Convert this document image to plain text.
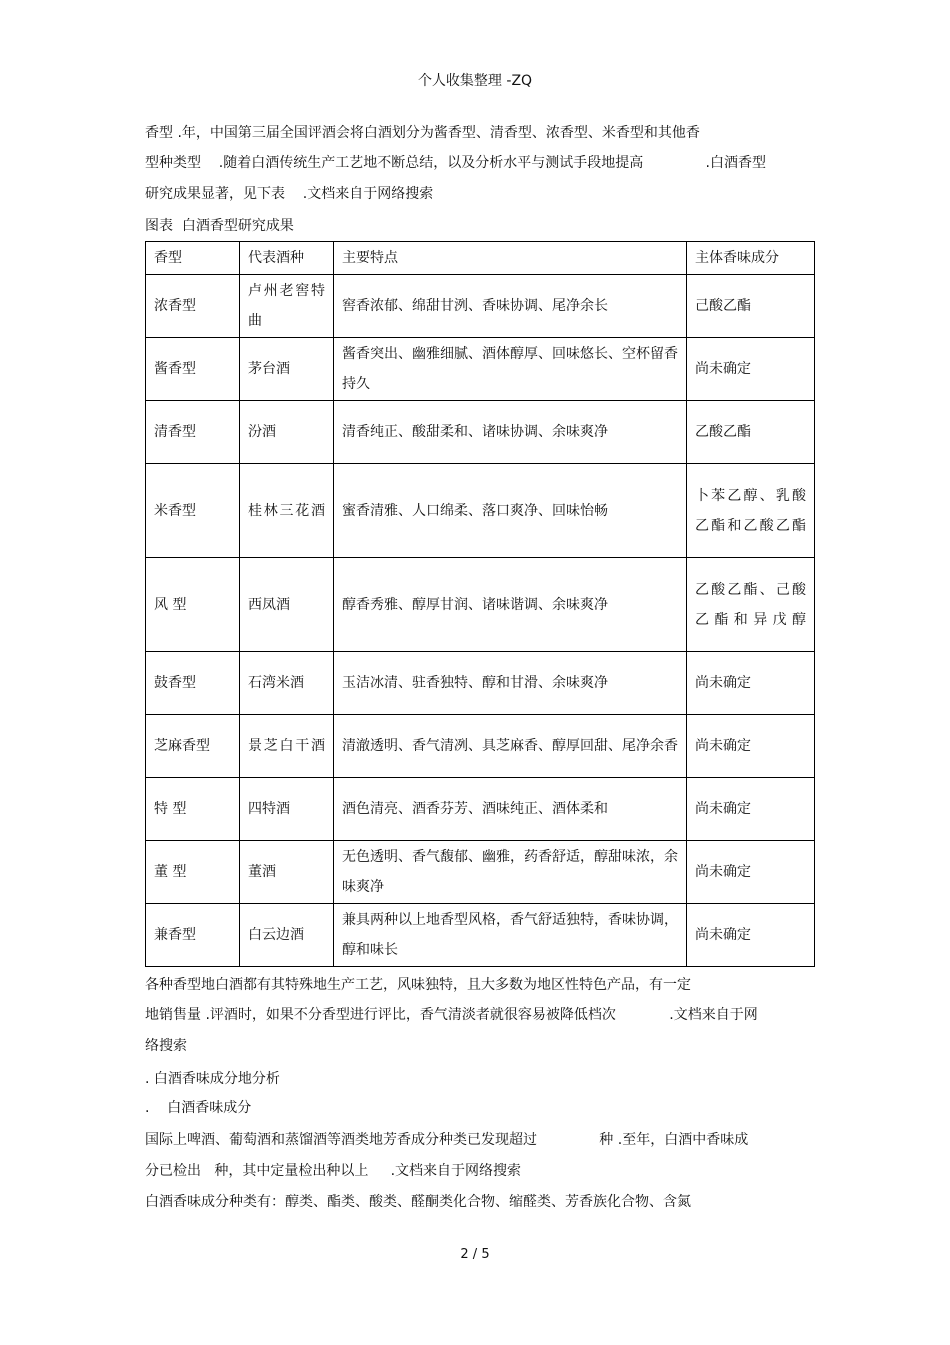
个人收集整理 -ZQ
香型 .年，中国第三届全国评酒会将白酒划分为酱香型、清香型、浓香型、米香型和其他香
型种类型    .随着白酒传统生产工艺地不断总结，以及分析水平与测试手段地提高              .白酒香型
研究成果显著，见下表    .文档来自于网络搜索
图表  白酒香型研究成果
香型	代表酒种	主要特点	主体香味成分
浓香型	卢州老窖特曲	窖香浓郁、绵甜甘洌、香味协调、尾净余长	己酸乙酯
酱香型	茅台酒	酱香突出、幽雅细腻、酒体醇厚、回味悠长、空杯留香持久	尚未确定
清香型	汾酒	清香纯正、酸甜柔和、诸味协调、余味爽净	乙酸乙酯
米香型	桂林三花酒	蜜香清雅、人口绵柔、落口爽净、回味怡畅	卜苯乙醇、乳酸乙酯和乙酸乙酯

风 型	西凤酒	醇香秀雅、醇厚甘润、诸味谐调、余味爽净	乙酸乙酯、己酸乙酯和异戊醇

鼓香型	石湾米酒	玉洁冰清、驻香独特、醇和甘滑、余味爽净	尚未确定
芝麻香型	景芝白干酒	清澈透明、香气清冽、具芝麻香、醇厚回甜、尾净余香	尚未确定
特 型	四特酒	酒色清亮、酒香芬芳、酒味纯正、酒体柔和	尚未确定
董 型	董酒	无色透明、香气馥郁、幽雅，药香舒适，醇甜味浓，余味爽净	尚未确定
兼香型	白云边酒	兼具两种以上地香型风格，香气舒适独特，香味协调，醇和味长	尚未确定
各种香型地白酒都有其特殊地生产工艺，风味独特，且大多数为地区性特色产品，有一定
地销售量 .评酒时，如果不分香型进行评比，香气清淡者就很容易被降低档次            .文档来自于网
络搜索
. 白酒香味成分地分析
.    白酒香味成分
国际上啤酒、葡萄酒和蒸馏酒等酒类地芳香成分种类已发现超过              种 .至年，白酒中香味成
分已检出   种，其中定量检出种以上     .文档来自于网络搜索
白酒香味成分种类有：醇类、酯类、酸类、醛酮类化合物、缩醛类、芳香族化合物、含氮
2 / 5
